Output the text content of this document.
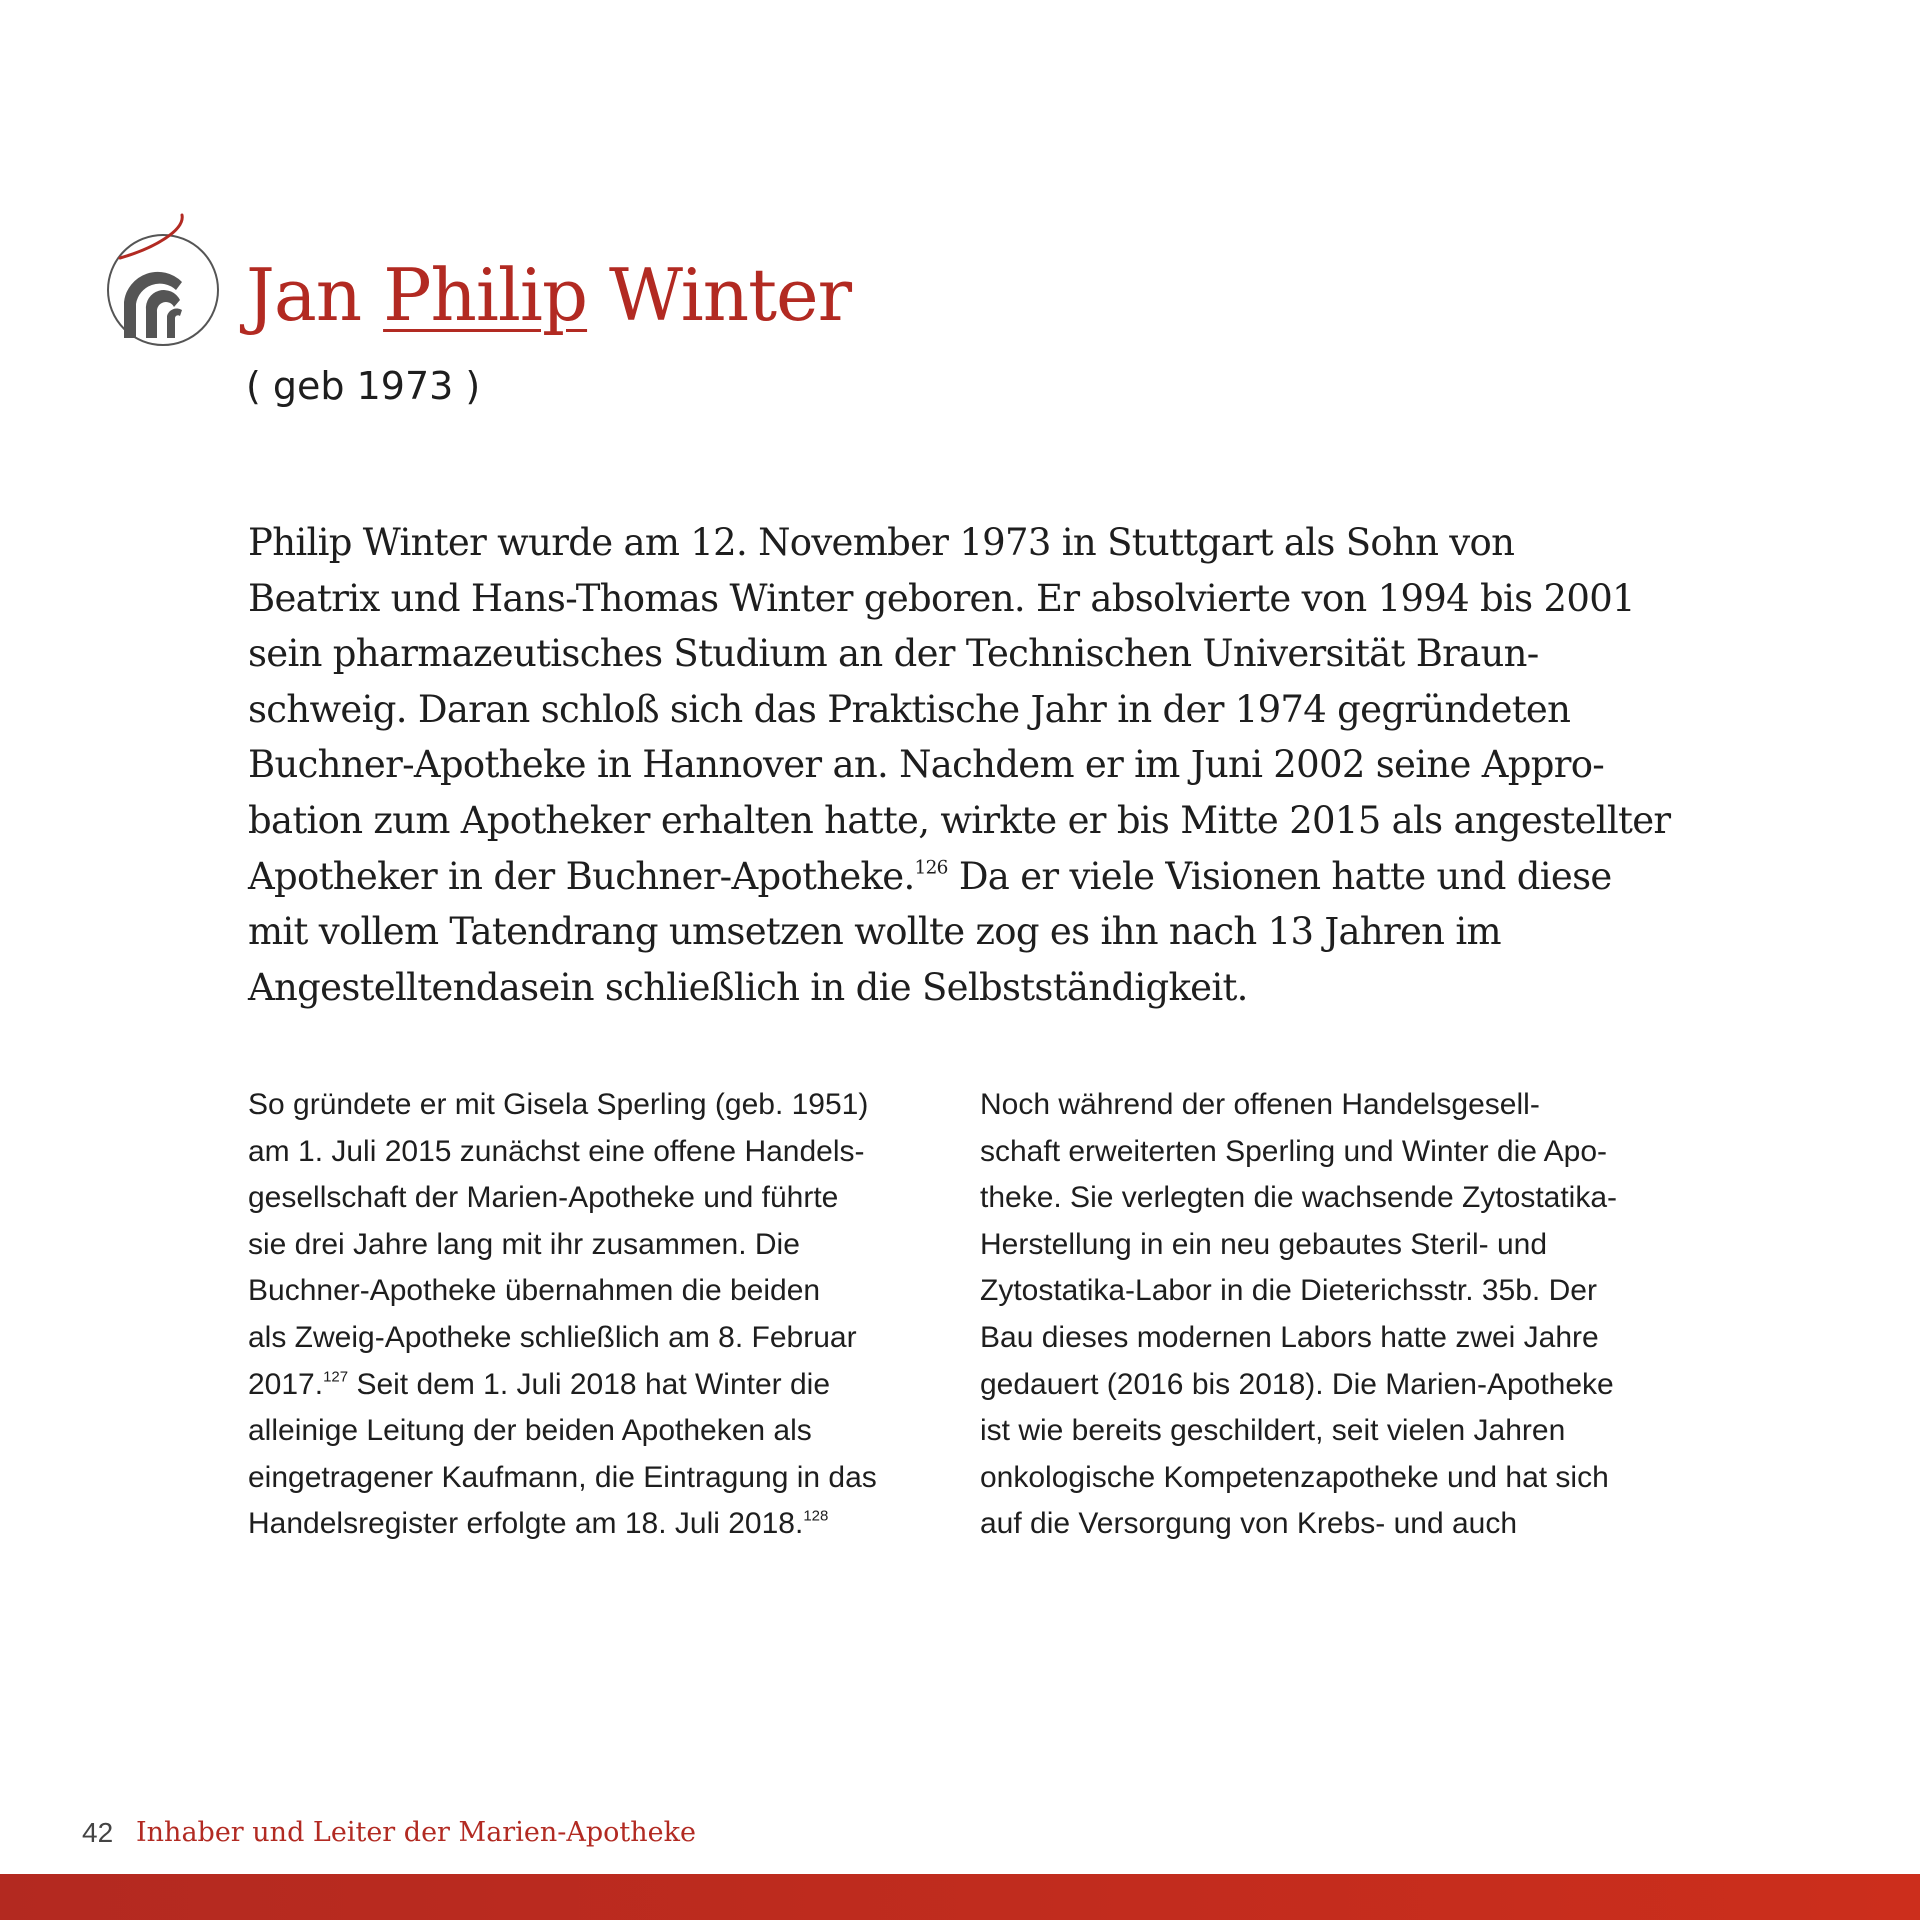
Jan Philip Winter

( geb 1973 )

Philip Winter wurde am 12. November 1973 in Stuttgart als Sohn von
Beatrix und Hans-Thomas Winter geboren. Er absolvierte von 1994 bis 2001
sein pharmazeutisches Studium an der Technischen Universität Braun-
schweig. Daran schloß sich das Praktische Jahr in der 1974 gegründeten
Buchner-Apotheke in Hannover an. Nachdem er im Juni 2002 seine Appro-
bation zum Apotheker erhalten hatte, wirkte er bis Mitte 2015 als angestellter
Apotheker in der Buchner-Apotheke.$^{126}$ Da er viele Visionen hatte und diese
mit vollem Tatendrang umsetzen wollte zog es ihn nach 13 Jahren im
Angestelltendasein schließlich in die Selbstständigkeit.
So gründete er mit Gisela Sperling (geb. 1951)
am 1. Juli 2015 zunächst eine offene Handels-
gesellschaft der Marien-Apotheke und führte
sie drei Jahre lang mit ihr zusammen. Die
Buchner-Apotheke übernahmen die beiden
als Zweig-Apotheke schließlich am 8. Februar
2017.$^{127}$ Seit dem 1. Juli 2018 hat Winter die
alleinige Leitung der beiden Apotheken als
eingetragener Kaufmann, die Eintragung in das
Handelsregister erfolgte am 18. Juli 2018.$^{128}$
Noch während der offenen Handelsgesell-
schaft erweiterten Sperling und Winter die Apo-
theke. Sie verlegten die wachsende Zytostatika-
Herstellung in ein neu gebautes Steril- und
Zytostatika-Labor in die Dieterichsstr. 35b. Der
Bau dieses modernen Labors hatte zwei Jahre
gedauert (2016 bis 2018). Die Marien-Apotheke
ist wie bereits geschildert, seit vielen Jahren
onkologische Kompetenzapotheke und hat sich
auf die Versorgung von Krebs- und auch
42 Inhaber und Leiter der Marien-Apotheke
